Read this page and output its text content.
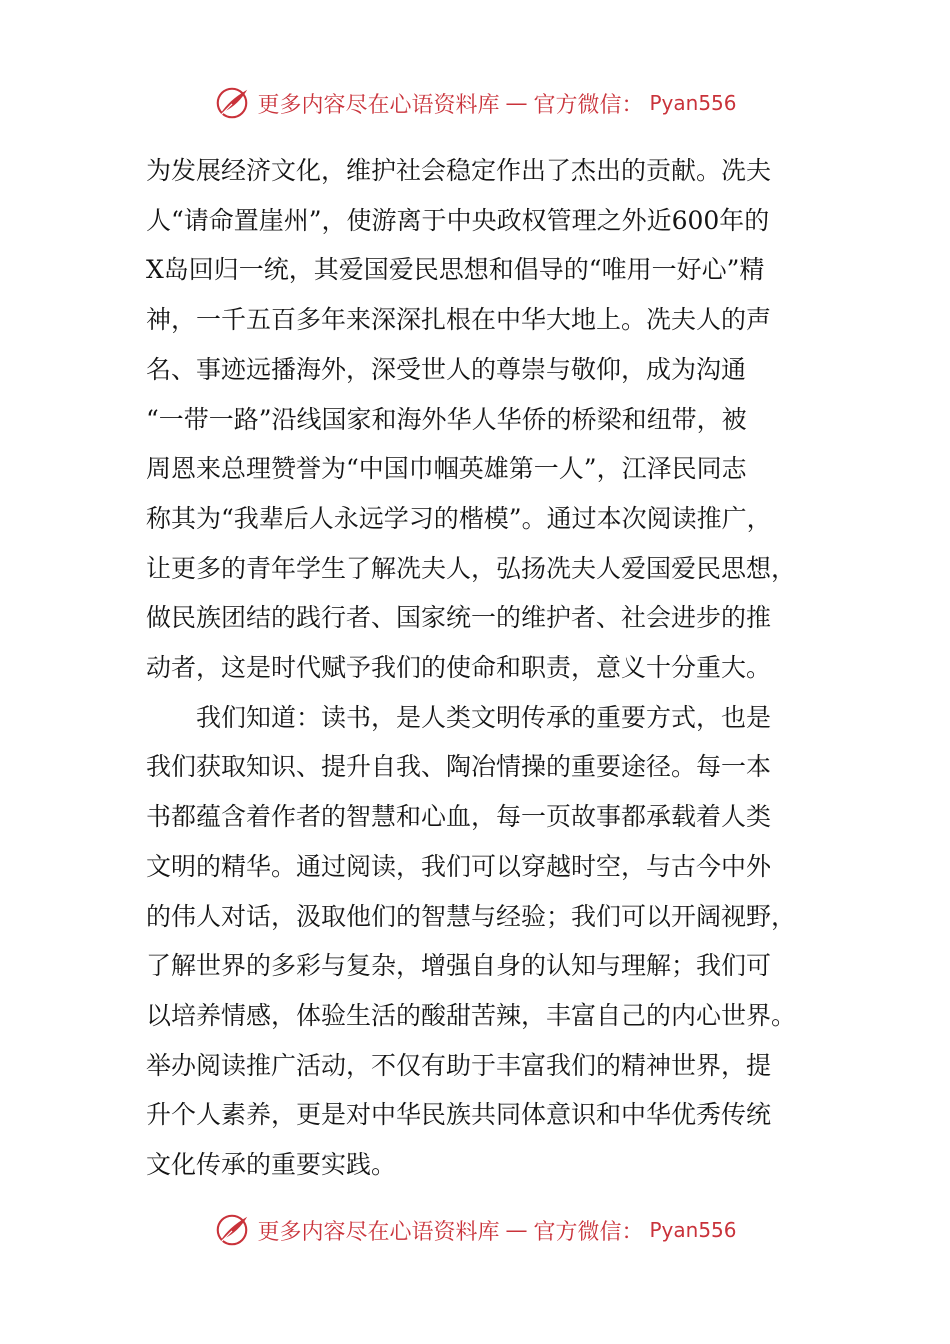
更多内容尽在心语资料库 — 官方微信： Pyan556
为发展经济文化，维护社会稳定作出了杰出的贡献。冼夫
人“请命置崖州”，使游离于中央政权管理之外近600年的
X岛回归一统，其爱国爱民思想和倡导的“唯用一好心”精
神，一千五百多年来深深扎根在中华大地上。冼夫人的声
名、事迹远播海外，深受世人的尊崇与敬仰，成为沟通
“一带一路”沿线国家和海外华人华侨的桥梁和纽带，被
周恩来总理赞誉为“中国巾帼英雄第一人”，江泽民同志
称其为“我辈后人永远学习的楷模”。通过本次阅读推广，
让更多的青年学生了解冼夫人，弘扬冼夫人爱国爱民思想，
做民族团结的践行者、国家统一的维护者、社会进步的推
动者，这是时代赋予我们的使命和职责，意义十分重大。
我们知道：读书，是人类文明传承的重要方式，也是
我们获取知识、提升自我、陶冶情操的重要途径。每一本
书都蕴含着作者的智慧和心血，每一页故事都承载着人类
文明的精华。通过阅读，我们可以穿越时空，与古今中外
的伟人对话，汲取他们的智慧与经验；我们可以开阔视野，
了解世界的多彩与复杂，增强自身的认知与理解；我们可
以培养情感，体验生活的酸甜苦辣，丰富自己的内心世界。
举办阅读推广活动，不仅有助于丰富我们的精神世界，提
升个人素养，更是对中华民族共同体意识和中华优秀传统
文化传承的重要实践。
更多内容尽在心语资料库 — 官方微信： Pyan556
